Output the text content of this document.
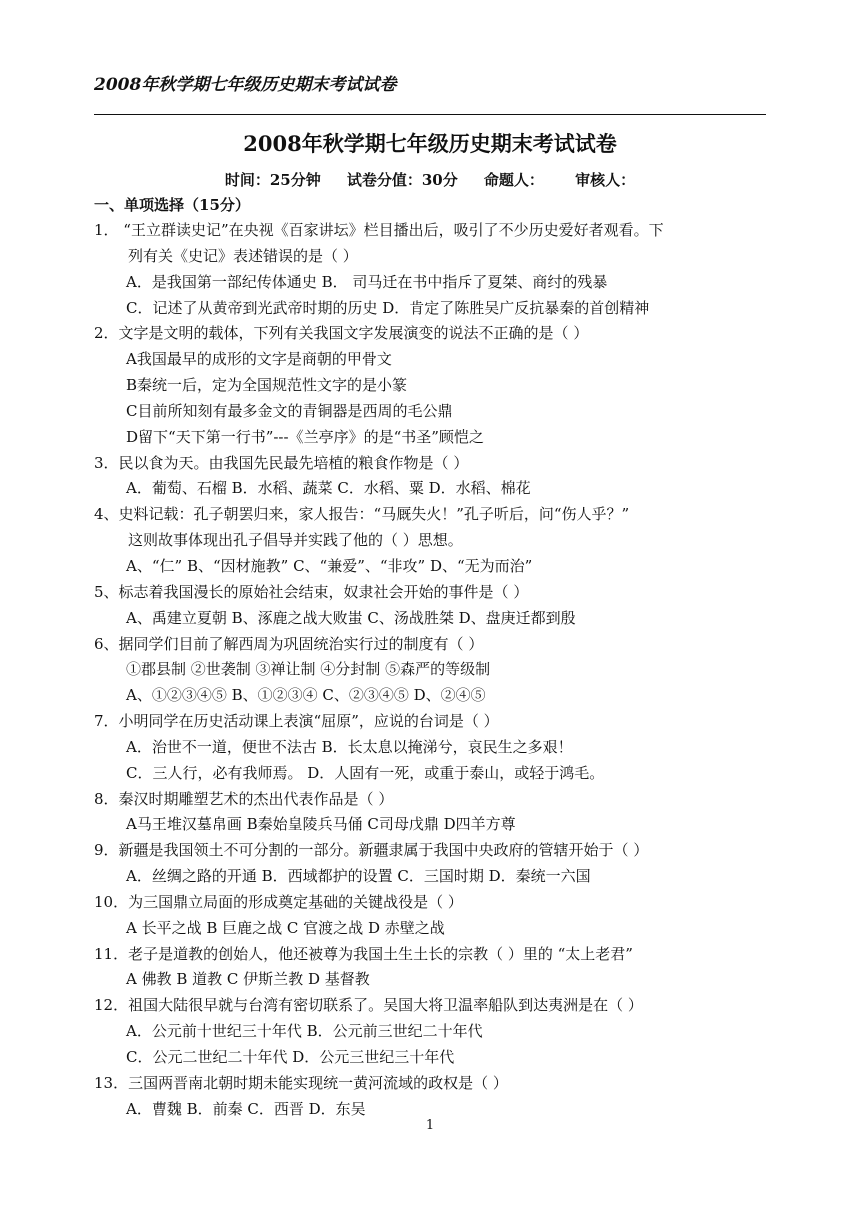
2008年秋学期七年级历史期末考试试卷
2008年秋学期七年级历史期末考试试卷
时间：25分钟     试卷分值：30分     命题人：      审核人：
一、单项选择（15分）
1． “王立群读史记”在央视《百家讲坛》栏目播出后，吸引了不少历史爱好者观看。下
列有关《史记》表述错误的是（ ）
A．是我国第一部纪传体通史 B． 司马迁在书中指斥了夏桀、商纣的残暴
C．记述了从黄帝到光武帝时期的历史 D．肯定了陈胜吴广反抗暴秦的首创精神
2．文字是文明的载体，下列有关我国文字发展演变的说法不正确的是（ ）
A我国最早的成形的文字是商朝的甲骨文
B秦统一后，定为全国规范性文字的是小篆
C目前所知刻有最多金文的青铜器是西周的毛公鼎
D留下“天下第一行书”---《兰亭序》的是“书圣”顾恺之
3．民以食为天。由我国先民最先培植的粮食作物是（ ）
A．葡萄、石榴 B．水稻、蔬菜 C．水稻、粟 D．水稻、棉花
4、史料记载：孔子朝罢归来，家人报告：“马厩失火！”孔子听后，问“伤人乎？”
这则故事体现出孔子倡导并实践了他的（ ）思想。
A、“仁” B、“因材施教” C、“兼爱”、“非攻” D、“无为而治”
5、标志着我国漫长的原始社会结束，奴隶社会开始的事件是（ ）
A、禹建立夏朝 B、涿鹿之战大败蚩 C、汤战胜桀 D、盘庚迁都到殷
6、据同学们目前了解西周为巩固统治实行过的制度有（ ）
①郡县制 ②世袭制 ③禅让制 ④分封制 ⑤森严的等级制
A、①②③④⑤ B、①②③④ C、②③④⑤ D、②④⑤
7．小明同学在历史活动课上表演“屈原”，应说的台词是（ ）
A．治世不一道，便世不法古 B．长太息以掩涕兮，哀民生之多艰！
C．三人行，必有我师焉。 D．人固有一死，或重于泰山，或轻于鸿毛。
8．秦汉时期雕塑艺术的杰出代表作品是（ ）
A马王堆汉墓帛画 B秦始皇陵兵马俑 C司母戊鼎 D四羊方尊
9．新疆是我国领土不可分割的一部分。新疆隶属于我国中央政府的管辖开始于（ ）
A．丝绸之路的开通 B．西域都护的设置 C．三国时期 D．秦统一六国
10．为三国鼎立局面的形成奠定基础的关键战役是（ ）
A 长平之战 B 巨鹿之战 C 官渡之战 D 赤壁之战
11．老子是道教的创始人，他还被尊为我国土生土长的宗教（ ）里的 “太上老君”
A 佛教 B 道教 C 伊斯兰教 D 基督教
12．祖国大陆很早就与台湾有密切联系了。吴国大将卫温率船队到达夷洲是在（ ）
A．公元前十世纪三十年代 B．公元前三世纪二十年代
C．公元二世纪二十年代 D．公元三世纪三十年代
13．三国两晋南北朝时期未能实现统一黄河流域的政权是（ ）
A．曹魏 B．前秦 C．西晋 D．东吴
1
